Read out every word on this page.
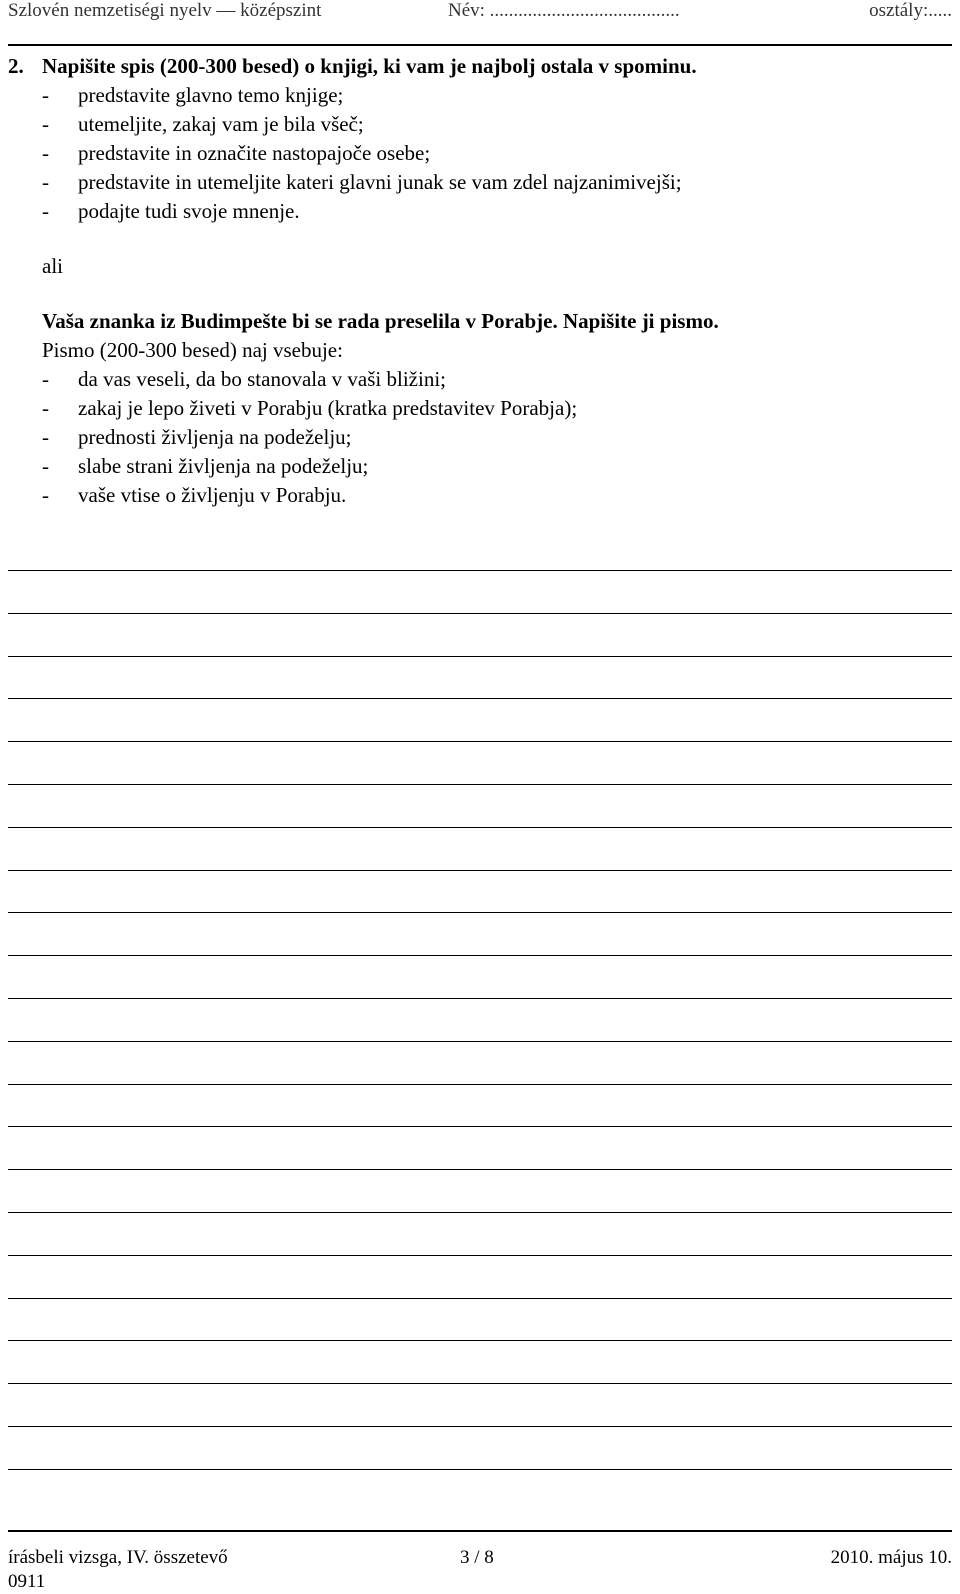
Szlovén nemzetiségi nyelv — középszint	Név: ........................................	osztály:.....
2. Napišite spis (200-300 besed) o knjigi, ki vam je najbolj ostala v spominu.
- predstavite glavno temo knjige;
- utemeljite, zakaj vam je bila všeč;
- predstavite in označite nastopajoče osebe;
- predstavite in utemeljite kateri glavni junak se vam zdel najzanimivejši;
- podajte tudi svoje mnenje.
ali
Vaša znanka iz Budimpešte bi se rada preselila v Porabje. Napišite ji pismo.
Pismo (200-300 besed) naj vsebuje:
- da vas veseli, da bo stanovala v vaši bližini;
- zakaj je lepo živeti v Porabju (kratka predstavitev Porabja);
- prednosti življenja na podeželju;
- slabe strani življenja na podeželju;
- vaše vtise o življenju v Porabju.
írásbeli vizsga, IV. összetevő	3 / 8	2010. május 10.
0911
